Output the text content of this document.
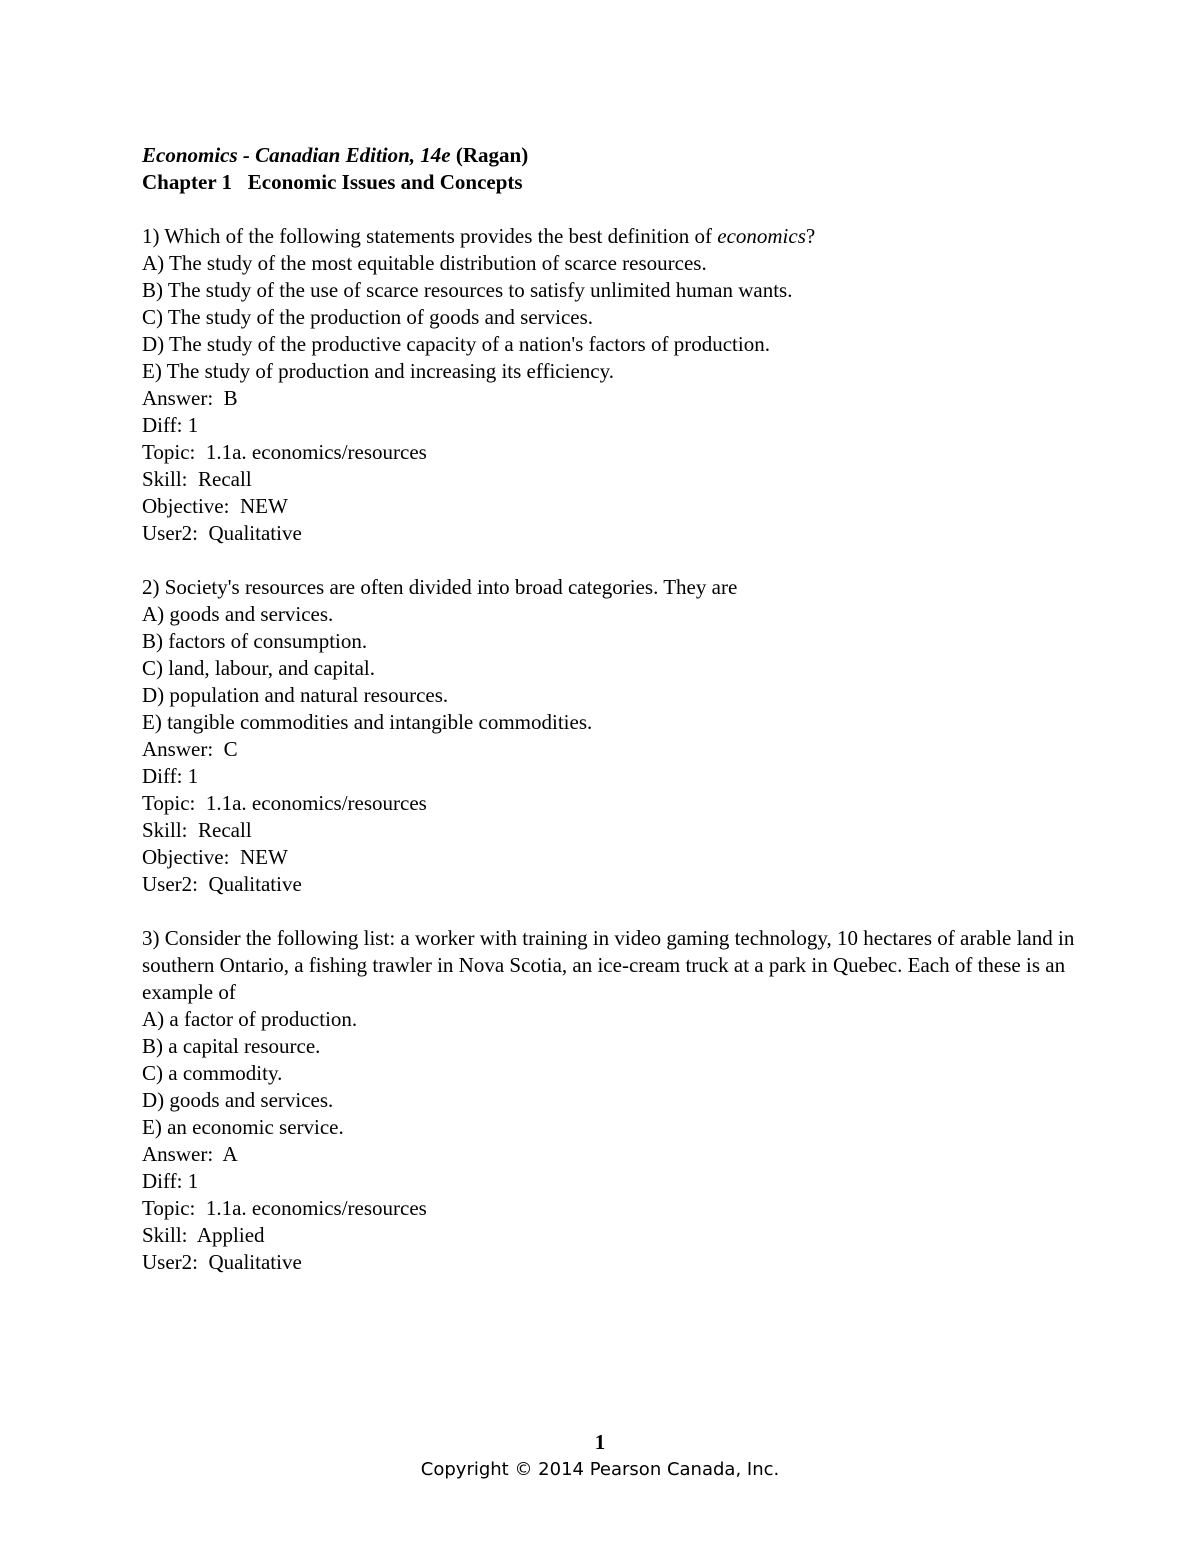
Economics - Canadian Edition, 14e (Ragan)
Chapter 1 Economic Issues and Concepts
1) Which of the following statements provides the best definition of economics?
A) The study of the most equitable distribution of scarce resources.
B) The study of the use of scarce resources to satisfy unlimited human wants.
C) The study of the production of goods and services.
D) The study of the productive capacity of a nation's factors of production.
E) The study of production and increasing its efficiency.
Answer:  B
Diff: 1
Topic:  1.1a. economics/resources
Skill:  Recall
Objective:  NEW
User2:  Qualitative
2) Society's resources are often divided into broad categories. They are
A) goods and services.
B) factors of consumption.
C) land, labour, and capital.
D) population and natural resources.
E) tangible commodities and intangible commodities.
Answer:  C
Diff: 1
Topic:  1.1a. economics/resources
Skill:  Recall
Objective:  NEW
User2:  Qualitative
3) Consider the following list: a worker with training in video gaming technology, 10 hectares of arable land in southern Ontario, a fishing trawler in Nova Scotia, an ice-cream truck at a park in Quebec. Each of these is an example of
A) a factor of production.
B) a capital resource.
C) a commodity.
D) goods and services.
E) an economic service.
Answer:  A
Diff: 1
Topic:  1.1a. economics/resources
Skill:  Applied
User2:  Qualitative
1
Copyright © 2014 Pearson Canada, Inc.
